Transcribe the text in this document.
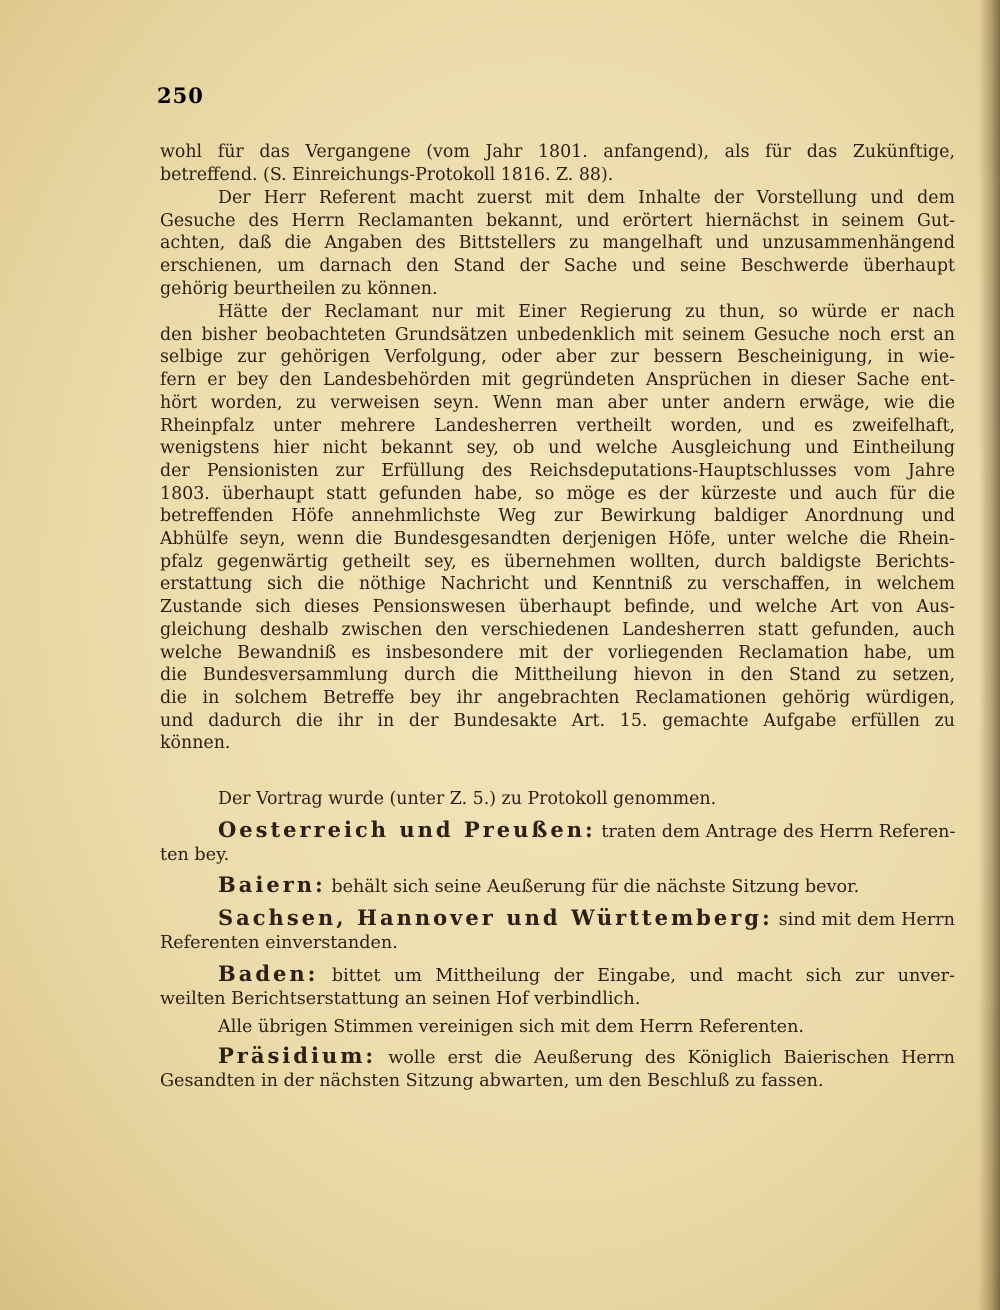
250

wohl für das Vergangene (vom Jahr 1801. anfangend), als für das Zukünftige,
betreffend. (S. Einreichungs-Protokoll 1816. Z. 88).

Der Herr Referent macht zuerst mit dem Inhalte der Vorstellung und dem
Gesuche des Herrn Reclamanten bekannt, und erörtert hiernächst in seinem Gut-
achten, daß die Angaben des Bittstellers zu mangelhaft und unzusammenhängend
erschienen, um darnach den Stand der Sache und seine Beschwerde überhaupt
gehörig beurtheilen zu können.

Hätte der Reclamant nur mit Einer Regierung zu thun, so würde er nach
den bisher beobachteten Grundsätzen unbedenklich mit seinem Gesuche noch erst an
selbige zur gehörigen Verfolgung, oder aber zur bessern Bescheinigung, in wie-
fern er bey den Landesbehörden mit gegründeten Ansprüchen in dieser Sache ent-
hört worden, zu verweisen seyn. Wenn man aber unter andern erwäge, wie die
Rheinpfalz unter mehrere Landesherren vertheilt worden, und es zweifelhaft,
wenigstens hier nicht bekannt sey, ob und welche Ausgleichung und Eintheilung
der Pensionisten zur Erfüllung des Reichsdeputations-Hauptschlusses vom Jahre
1803. überhaupt statt gefunden habe, so möge es der kürzeste und auch für die
betreffenden Höfe annehmlichste Weg zur Bewirkung baldiger Anordnung und
Abhülfe seyn, wenn die Bundesgesandten derjenigen Höfe, unter welche die Rhein-
pfalz gegenwärtig getheilt sey, es übernehmen wollten, durch baldigste Berichts-
erstattung sich die nöthige Nachricht und Kenntniß zu verschaffen, in welchem
Zustande sich dieses Pensionswesen überhaupt befinde, und welche Art von Aus-
gleichung deshalb zwischen den verschiedenen Landesherren statt gefunden, auch
welche Bewandniß es insbesondere mit der vorliegenden Reclamation habe, um
die Bundesversammlung durch die Mittheilung hievon in den Stand zu setzen,
die in solchem Betreffe bey ihr angebrachten Reclamationen gehörig würdigen,
und dadurch die ihr in der Bundesakte Art. 15. gemachte Aufgabe erfüllen zu
können.

Der Vortrag wurde (unter Z. 5.) zu Protokoll genommen.

Oesterreich und Preußen: traten dem Antrage des Herrn Referen-
ten bey.
Baiern: behält sich seine Aeußerung für die nächste Sitzung bevor.
Sachsen, Hannover und Württemberg: sind mit dem Herrn
Referenten einverstanden.
Baden: bittet um Mittheilung der Eingabe, und macht sich zur unver-
weilten Berichtserstattung an seinen Hof verbindlich.
Alle übrigen Stimmen vereinigen sich mit dem Herrn Referenten.
Präsidium: wolle erst die Aeußerung des Königlich Baierischen Herrn
Gesandten in der nächsten Sitzung abwarten, um den Beschluß zu fassen.
